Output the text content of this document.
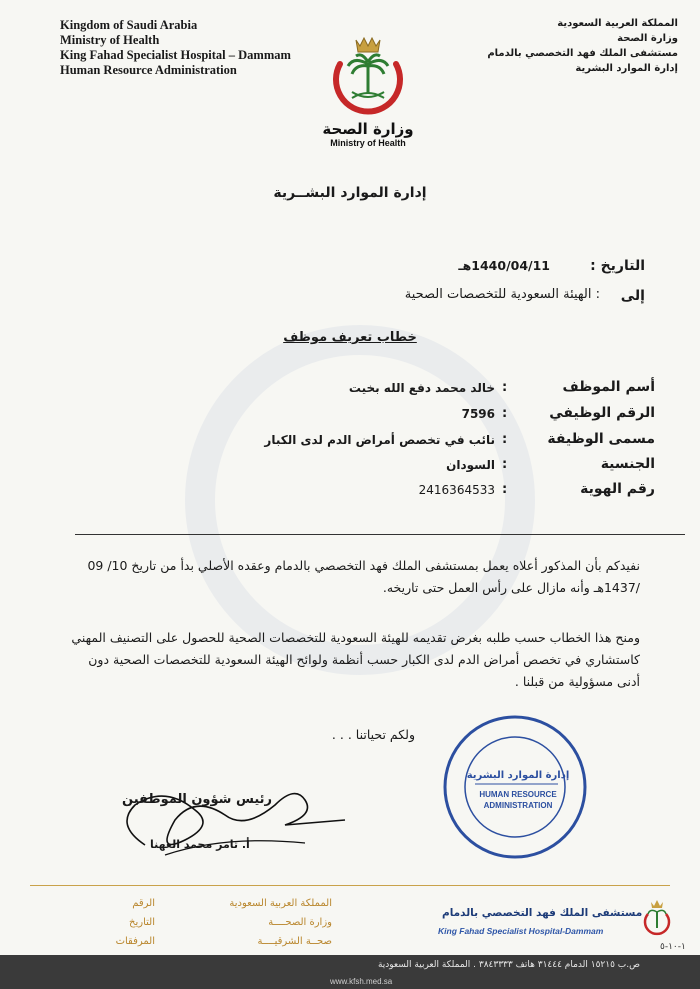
Kingdom of Saudi Arabia
Ministry of Health
King Fahad Specialist Hospital – Dammam
Human Resource Administration
المملكة العربية السعودية
وزارة الصحة
مستشفى الملك فهد التخصصي بالدمام
إدارة الموارد البشرية
وزارة الصحة
Ministry of Health
إدارة الموارد البشــرية
التاريخ :
1440/04/11هـ
إلى
: الهيئة السعودية للتخصصات الصحية
خطاب تعريف موظف
أسم الموظف
:
خالد محمد دفع الله بخيت
الرقم الوظيفي
:
7596
مسمى الوظيفة
:
نائب في تخصص أمراض الدم لدى الكبار
الجنسية
:
السودان
رقم الهوية
:
2416364533
نفيدكم بأن المذكور أعلاه يعمل بمستشفى الملك فهد التخصصي بالدمام وعقده الأصلي بدأ من تاريخ 10/ 09 /1437هـ وأنه مازال على رأس العمل حتى تاريخه.
ومنح هذا الخطاب حسب طلبه بغرض تقديمه للهيئة السعودية للتخصصات الصحية للحصول على التصنيف المهني كاستشاري في تخصص أمراض الدم لدى الكبار حسب أنظمة ولوائح الهيئة السعودية للتخصصات الصحية دون أدنى مسؤولية من قبلنا .
ولكم تحياتنا . . .
رئيس شؤون الموظفين
أ. ثامر محمد العهنا
إدارة الموارد البشرية
HUMAN RESOURCE
ADMINISTRATION
الرقم
التاريخ
المرفقات
المملكة العربية السعودية
وزارة الصحــــة
صحــة الشرقيــــة
مستشفى الملك فهد التخصصي بالدمام
King Fahad Specialist Hospital-Dammam
١-١٠-٥
ص.ب ١٥٢١٥ الدمام ٣١٤٤٤ هاتف ٣٨٤٣٣٣٣ . المملكة العربية السعودية
www.kfsh.med.sa
